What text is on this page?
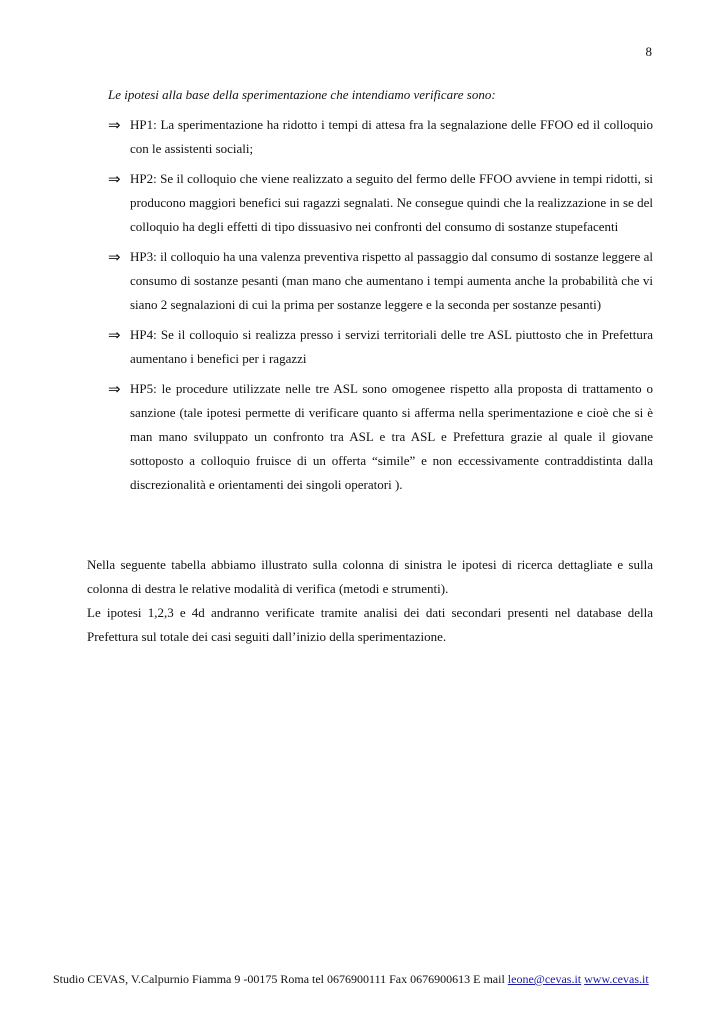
8
Le ipotesi alla base della sperimentazione che intendiamo verificare sono:
⇒ HP1: La sperimentazione ha ridotto i tempi di attesa fra la segnalazione delle FFOO ed il colloquio con le assistenti sociali;
⇒ HP2: Se il colloquio che viene realizzato a seguito del fermo delle FFOO avviene in tempi ridotti, si producono maggiori benefici sui ragazzi segnalati. Ne consegue quindi che la realizzazione in se del colloquio ha degli effetti di tipo dissuasivo nei confronti del consumo di sostanze stupefacenti
⇒ HP3: il colloquio ha una valenza preventiva rispetto al passaggio dal consumo di sostanze leggere al consumo di sostanze pesanti (man mano che aumentano i tempi aumenta anche la probabilità che vi siano 2 segnalazioni di cui la prima per sostanze leggere e la seconda per sostanze pesanti)
⇒ HP4: Se il colloquio si realizza presso i servizi territoriali delle tre ASL piuttosto che in Prefettura aumentano i benefici per i ragazzi
⇒ HP5: le procedure utilizzate nelle tre ASL sono omogenee rispetto alla proposta di trattamento o sanzione (tale ipotesi permette di verificare quanto si afferma nella sperimentazione e cioè che si è man mano sviluppato un confronto tra ASL e tra ASL e Prefettura grazie al quale il giovane sottoposto a colloquio fruisce di un offerta “simile” e non eccessivamente contraddistinta dalla discrezionalità e orientamenti dei singoli operatori ).

Nella seguente tabella abbiamo illustrato sulla colonna di sinistra le ipotesi di ricerca dettagliate e sulla colonna di destra le relative modalità di verifica (metodi e strumenti).

Le ipotesi 1,2,3 e 4d andranno verificate tramite analisi dei dati secondari presenti nel database della Prefettura sul totale dei casi seguiti dall’inizio della sperimentazione.

Studio CEVAS, V.Calpurnio Fiamma 9 -00175 Roma tel 0676900111 Fax 0676900613 E mail leone@cevas.it www.cevas.it
